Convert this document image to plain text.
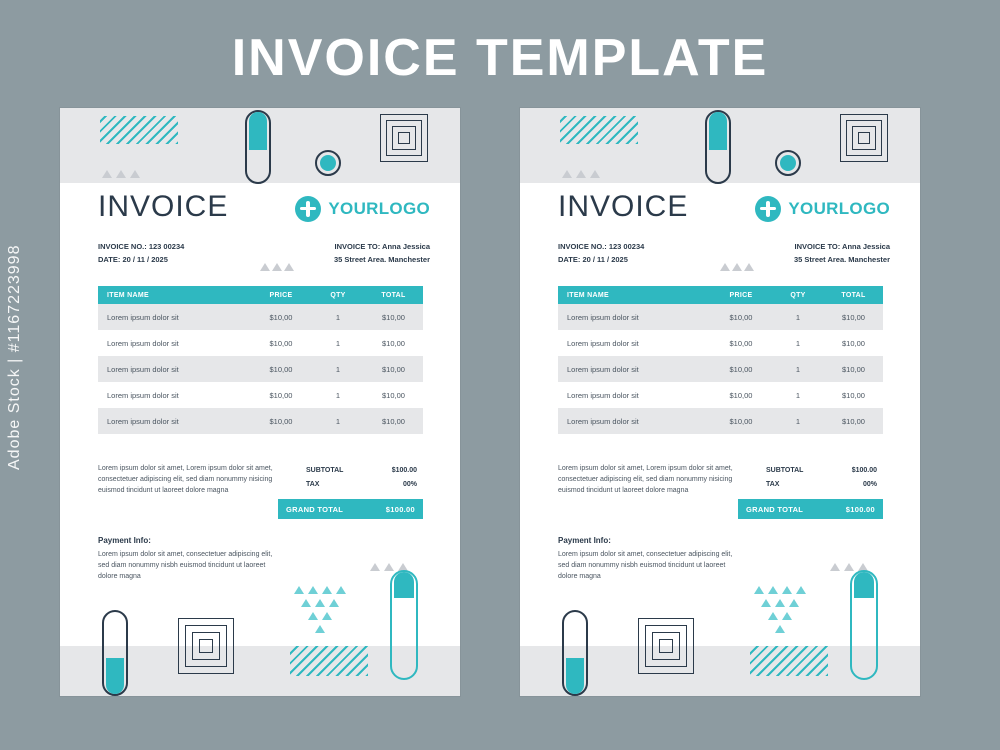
INVOICE TEMPLATE
Adobe Stock | #1167223998
INVOICE	YOURLOGO
INVOICE NO.: 123 00234
DATE: 20 / 11 / 2025
INVOICE TO: Anna Jessica
35 Street Area. Manchester
ITEM NAME	PRICE	QTY	TOTAL
Lorem ipsum dolor sit	$10,00	1	$10,00
Lorem ipsum dolor sit	$10,00	1	$10,00
Lorem ipsum dolor sit	$10,00	1	$10,00
Lorem ipsum dolor sit	$10,00	1	$10,00
Lorem ipsum dolor sit	$10,00	1	$10,00
Lorem ipsum dolor sit amet, Lorem ipsum dolor sit amet, consectetuer adipiscing elit, sed diam nonummy nisicing euismod tincidunt ut laoreet dolore magna
SUBTOTAL	$100.00
TAX	00%
GRAND TOTAL	$100.00
Payment Info:
Lorem ipsum dolor sit amet, consectetuer adipiscing elit, sed diam nonummy nisbh euismod tincidunt ut laoreet dolore magna
INVOICE	YOURLOGO
INVOICE NO.: 123 00234
DATE: 20 / 11 / 2025
INVOICE TO: Anna Jessica
35 Street Area. Manchester
ITEM NAME	PRICE	QTY	TOTAL
Lorem ipsum dolor sit	$10,00	1	$10,00
Lorem ipsum dolor sit	$10,00	1	$10,00
Lorem ipsum dolor sit	$10,00	1	$10,00
Lorem ipsum dolor sit	$10,00	1	$10,00
Lorem ipsum dolor sit	$10,00	1	$10,00
Lorem ipsum dolor sit amet, Lorem ipsum dolor sit amet, consectetuer adipiscing elit, sed diam nonummy nisicing euismod tincidunt ut laoreet dolore magna
SUBTOTAL	$100.00
TAX	00%
GRAND TOTAL	$100.00
Payment Info:
Lorem ipsum dolor sit amet, consectetuer adipiscing elit, sed diam nonummy nisbh euismod tincidunt ut laoreet dolore magna
